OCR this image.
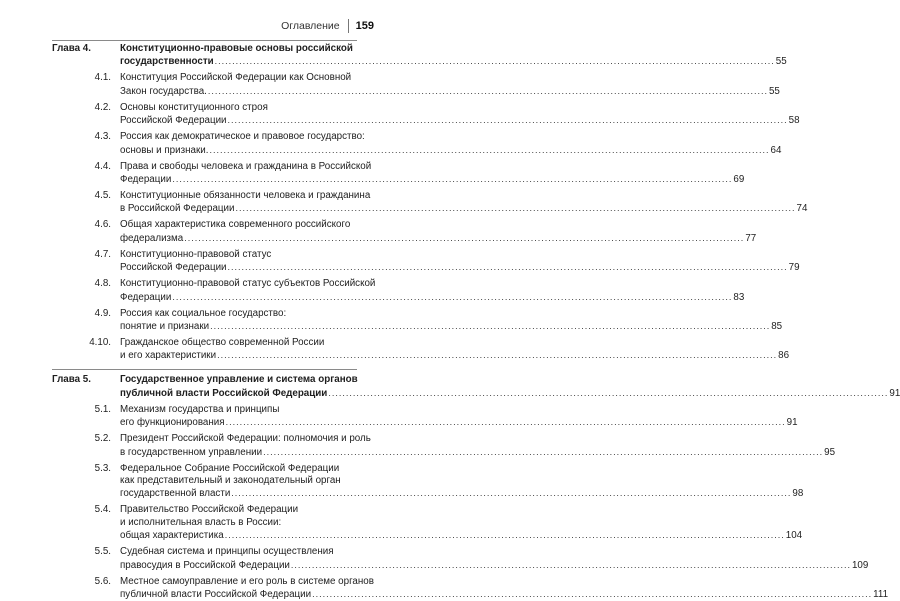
Оглавление 159
Глава 4.	Конституционно-правовые основы российской
государственности ................................................................................................................................................................ 55
4.1. Конституция Российской Федерации как Основной
Закон государства. ................................................................................................................................................................ 55
4.2. Основы конституционного строя
Российской Федерации ................................................................................................................................................................ 58
4.3. Россия как демократическое и правовое государство:
основы и признаки. ................................................................................................................................................................ 64
4.4. Права и свободы человека и гражданина в Российской
Федерации ................................................................................................................................................................ 69
4.5. Конституционные обязанности человека и гражданина
в Российской Федерации ................................................................................................................................................................ 74
4.6. Общая характеристика современного российского
федерализма ................................................................................................................................................................ 77
4.7. Конституционно-правовой статус
Российской Федерации ................................................................................................................................................................ 79
4.8. Конституционно-правовой статус субъектов Российской
Федерации ................................................................................................................................................................ 83
4.9. Россия как социальное государство:
понятие и признаки ................................................................................................................................................................ 85
4.10. Гражданское общество современной России
и его характеристики ................................................................................................................................................................ 86
Глава 5.	Государственное управление и система органов
публичной власти Российской Федерации ................................................................................................................................................................ 91
5.1. Механизм государства и принципы
его функционирования ................................................................................................................................................................ 91
5.2. Президент Российской Федерации: полномочия и роль
в государственном управлении ................................................................................................................................................................ 95
5.3. Федеральное Собрание Российской Федерации
как представительный и законодательный орган
государственной власти ................................................................................................................................................................ 98
5.4. Правительство Российской Федерации
и исполнительная власть в России:
общая характеристика ................................................................................................................................................................ 104
5.5. Судебная система и принципы осуществления
правосудия в Российской Федерации ................................................................................................................................................................ 109
5.6. Местное самоуправление и его роль в системе органов
публичной власти Российской Федерации ................................................................................................................................................................ 111
